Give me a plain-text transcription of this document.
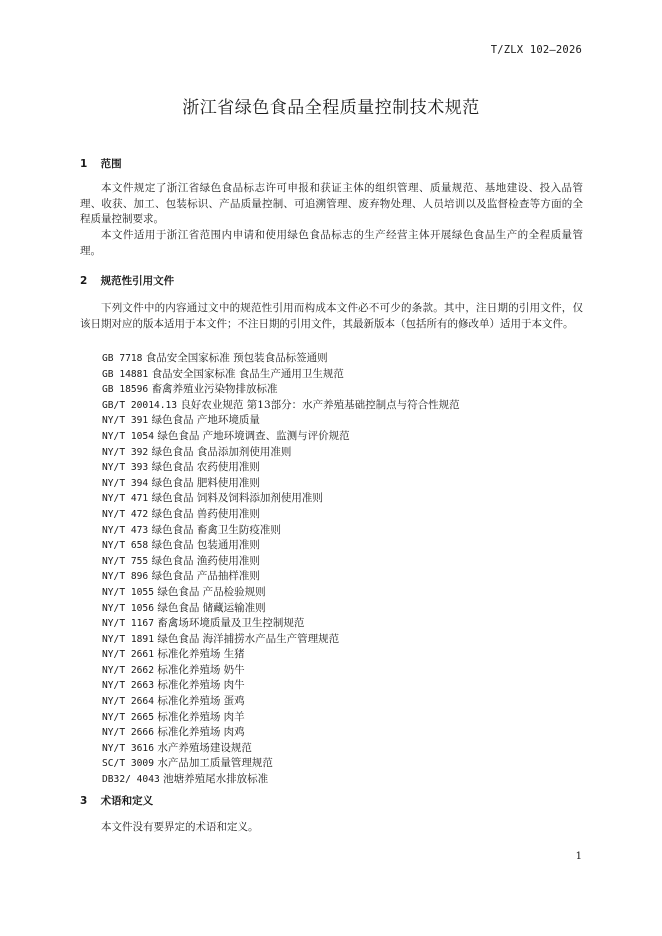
T/ZLX 102—2026
浙江省绿色食品全程质量控制技术规范
1 范围
本文件规定了浙江省绿色食品标志许可申报和获证主体的组织管理、质量规范、基地建设、投入品管理、收获、加工、包装标识、产品质量控制、可追溯管理、废弃物处理、人员培训以及监督检查等方面的全程质量控制要求。
本文件适用于浙江省范围内申请和使用绿色食品标志的生产经营主体开展绿色食品生产的全程质量管理。
2 规范性引用文件
下列文件中的内容通过文中的规范性引用而构成本文件必不可少的条款。其中，注日期的引用文件，仅该日期对应的版本适用于本文件；不注日期的引用文件，其最新版本（包括所有的修改单）适用于本文件。
GB 7718 食品安全国家标准 预包装食品标签通则
GB 14881 食品安全国家标准 食品生产通用卫生规范
GB 18596 畜禽养殖业污染物排放标准
GB/T 20014.13 良好农业规范 第13部分：水产养殖基础控制点与符合性规范
NY/T 391 绿色食品 产地环境质量
NY/T 1054 绿色食品 产地环境调查、监测与评价规范
NY/T 392 绿色食品 食品添加剂使用准则
NY/T 393 绿色食品 农药使用准则
NY/T 394 绿色食品 肥料使用准则
NY/T 471 绿色食品 饲料及饲料添加剂使用准则
NY/T 472 绿色食品 兽药使用准则
NY/T 473 绿色食品 畜禽卫生防疫准则
NY/T 658 绿色食品 包装通用准则
NY/T 755 绿色食品 渔药使用准则
NY/T 896 绿色食品 产品抽样准则
NY/T 1055 绿色食品 产品检验规则
NY/T 1056 绿色食品 储藏运输准则
NY/T 1167 畜禽场环境质量及卫生控制规范
NY/T 1891 绿色食品 海洋捕捞水产品生产管理规范
NY/T 2661 标准化养殖场 生猪
NY/T 2662 标准化养殖场 奶牛
NY/T 2663 标准化养殖场 肉牛
NY/T 2664 标准化养殖场 蛋鸡
NY/T 2665 标准化养殖场 肉羊
NY/T 2666 标准化养殖场 肉鸡
NY/T 3616 水产养殖场建设规范
SC/T 3009 水产品加工质量管理规范
DB32/ 4043 池塘养殖尾水排放标准
3 术语和定义
本文件没有要界定的术语和定义。
1
